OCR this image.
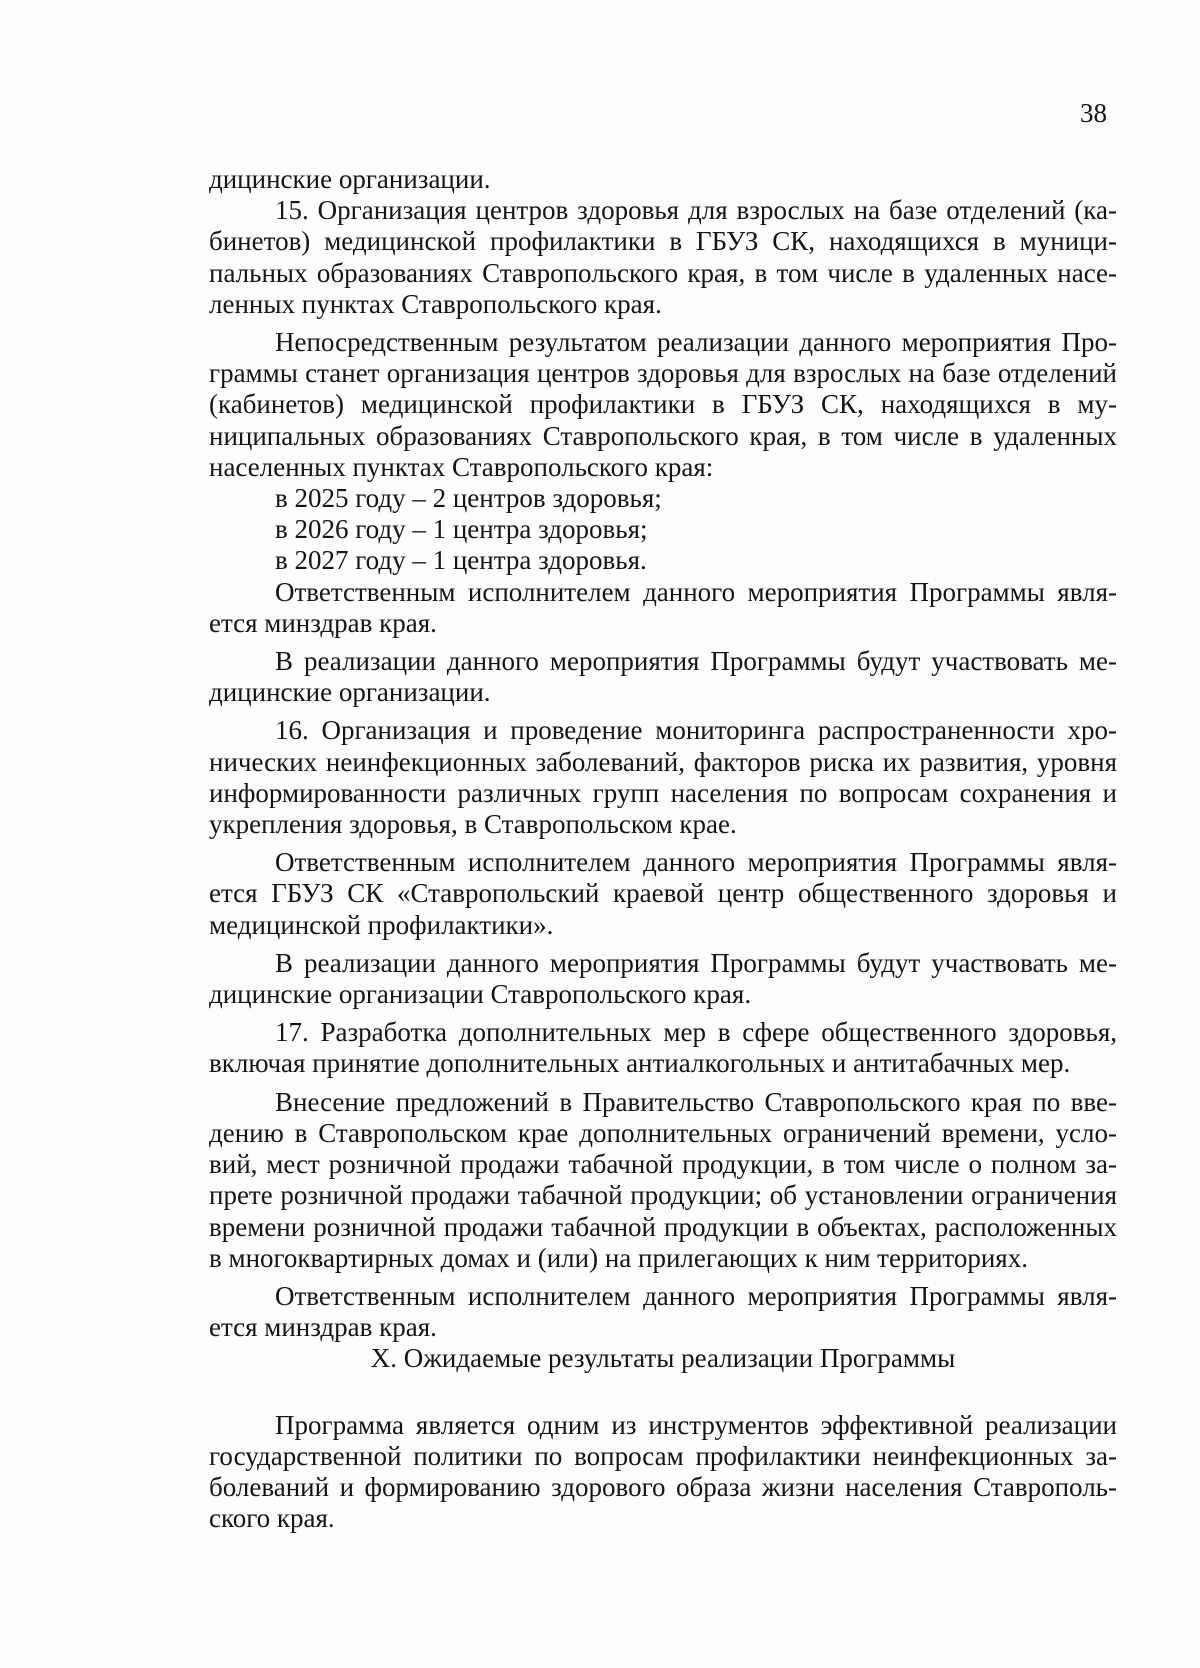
38

дицинские организации.

15. Организация центров здоровья для взрослых на базе отделений (кабинетов) медицинской профилактики в ГБУЗ СК, находящихся в муниципальных образованиях Ставропольского края, в том числе в удаленных населенных пунктах Ставропольского края.

Непосредственным результатом реализации данного мероприятия Программы станет организация центров здоровья для взрослых на базе отделений (кабинетов) медицинской профилактики в ГБУЗ СК, находящихся в муниципальных образованиях Ставропольского края, в том числе в удаленных населенных пунктах Ставропольского края:

в 2025 году – 2 центров здоровья;

в 2026 году – 1 центра здоровья;

в 2027 году – 1 центра здоровья.

Ответственным исполнителем данного мероприятия Программы является минздрав края.

В реализации данного мероприятия Программы будут участвовать медицинские организации.

16. Организация и проведение мониторинга распространенности хронических неинфекционных заболеваний, факторов риска их развития, уровня информированности различных групп населения по вопросам сохранения и укрепления здоровья, в Ставропольском крае.

Ответственным исполнителем данного мероприятия Программы является ГБУЗ СК «Ставропольский краевой центр общественного здоровья и медицинской профилактики».

В реализации данного мероприятия Программы будут участвовать медицинские организации Ставропольского края.

17. Разработка дополнительных мер в сфере общественного здоровья, включая принятие дополнительных антиалкогольных и антитабачных мер.

Внесение предложений в Правительство Ставропольского края по введению в Ставропольском крае дополнительных ограничений времени, условий, мест розничной продажи табачной продукции, в том числе о полном запрете розничной продажи табачной продукции; об установлении ограничения времени розничной продажи табачной продукции в объектах, расположенных в многоквартирных домах и (или) на прилегающих к ним территориях.

Ответственным исполнителем данного мероприятия Программы является минздрав края.

X. Ожидаемые результаты реализации Программы

Программа является одним из инструментов эффективной реализации государственной политики по вопросам профилактики неинфекционных заболеваний и формированию здорового образа жизни населения Ставропольского края.
